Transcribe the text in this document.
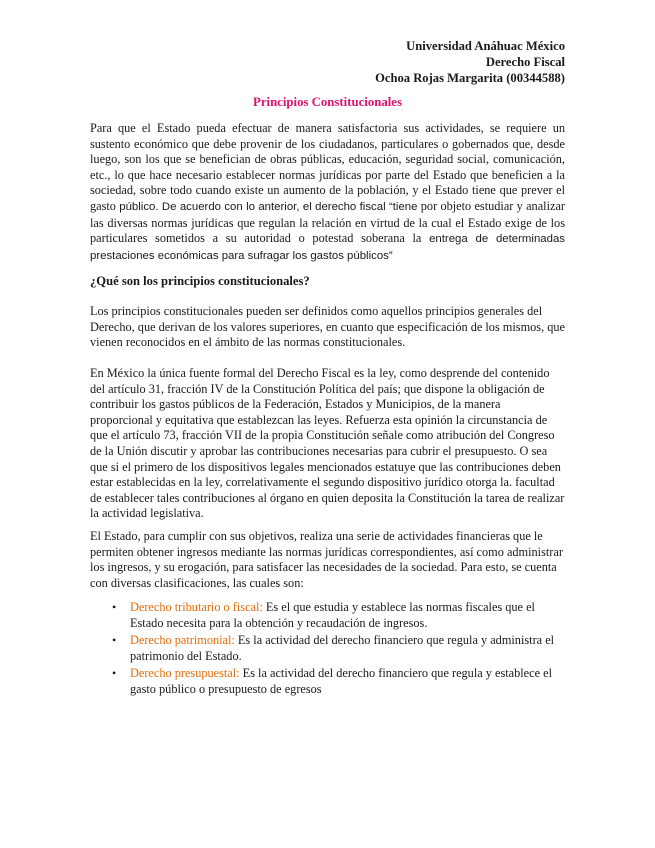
Universidad Anáhuac México
Derecho Fiscal
Ochoa Rojas Margarita (00344588)
Principios Constitucionales

Para que el Estado pueda efectuar de manera satisfactoria sus actividades, se requiere un sustento económico que debe provenir de los ciudadanos, particulares o gobernados que, desde luego, son los que se benefician de obras públicas, educación, seguridad social, comunicación, etc., lo que hace necesario establecer normas jurídicas por parte del Estado que beneficien a la sociedad, sobre todo cuando existe un aumento de la población, y el Estado tiene que prever el gasto público. De acuerdo con lo anterior, el derecho fiscal “tiene por objeto estudiar y analizar las diversas normas jurídicas que regulan la relación en virtud de la cual el Estado exige de los particulares sometidos a su autoridad o potestad soberana la entrega de determinadas prestaciones económicas para sufragar los gastos públicos”

¿Qué son los principios constitucionales?

Los principios constitucionales pueden ser definidos como aquellos principios generales del Derecho, que derivan de los valores superiores, en cuanto que especificación de los mismos, que vienen reconocidos en el ámbito de las normas constitucionales.

En México la única fuente formal del Derecho Fiscal es la ley, como desprende del contenido del artículo 31, fracción IV de la Constitución Política del país; que dispone la obligación de contribuir los gastos públicos de la Federación, Estados y Municipios, de la manera proporcional y equitativa que establezcan las leyes. Refuerza esta opinión la circunstancia de que el artículo 73, fracción VII de la propia Constitución señale como atribución del Congreso de la Unión discutir y aprobar las contribuciones necesarias para cubrir el presupuesto. O sea que si el primero de los dispositivos legales mencionados estatuye que las contribuciones deben estar establecidas en la ley, correlativamente el segundo dispositivo jurídico otorga la. facultad de establecer tales contribuciones al órgano en quien deposita la Constitución la tarea de realizar la actividad legislativa.

El Estado, para cumplir con sus objetivos, realiza una serie de actividades financieras que le permiten obtener ingresos mediante las normas jurídicas correspondientes, así como administrar los ingresos, y su erogación, para satisfacer las necesidades de la sociedad. Para esto, se cuenta con diversas clasificaciones, las cuales son:

• Derecho tributario o fiscal: Es el que estudia y establece las normas fiscales que el Estado necesita para la obtención y recaudación de ingresos.
• Derecho patrimonial: Es la actividad del derecho financiero que regula y administra el patrimonio del Estado.
• Derecho presupuestal: Es la actividad del derecho financiero que regula y establece el gasto público o presupuesto de egresos
